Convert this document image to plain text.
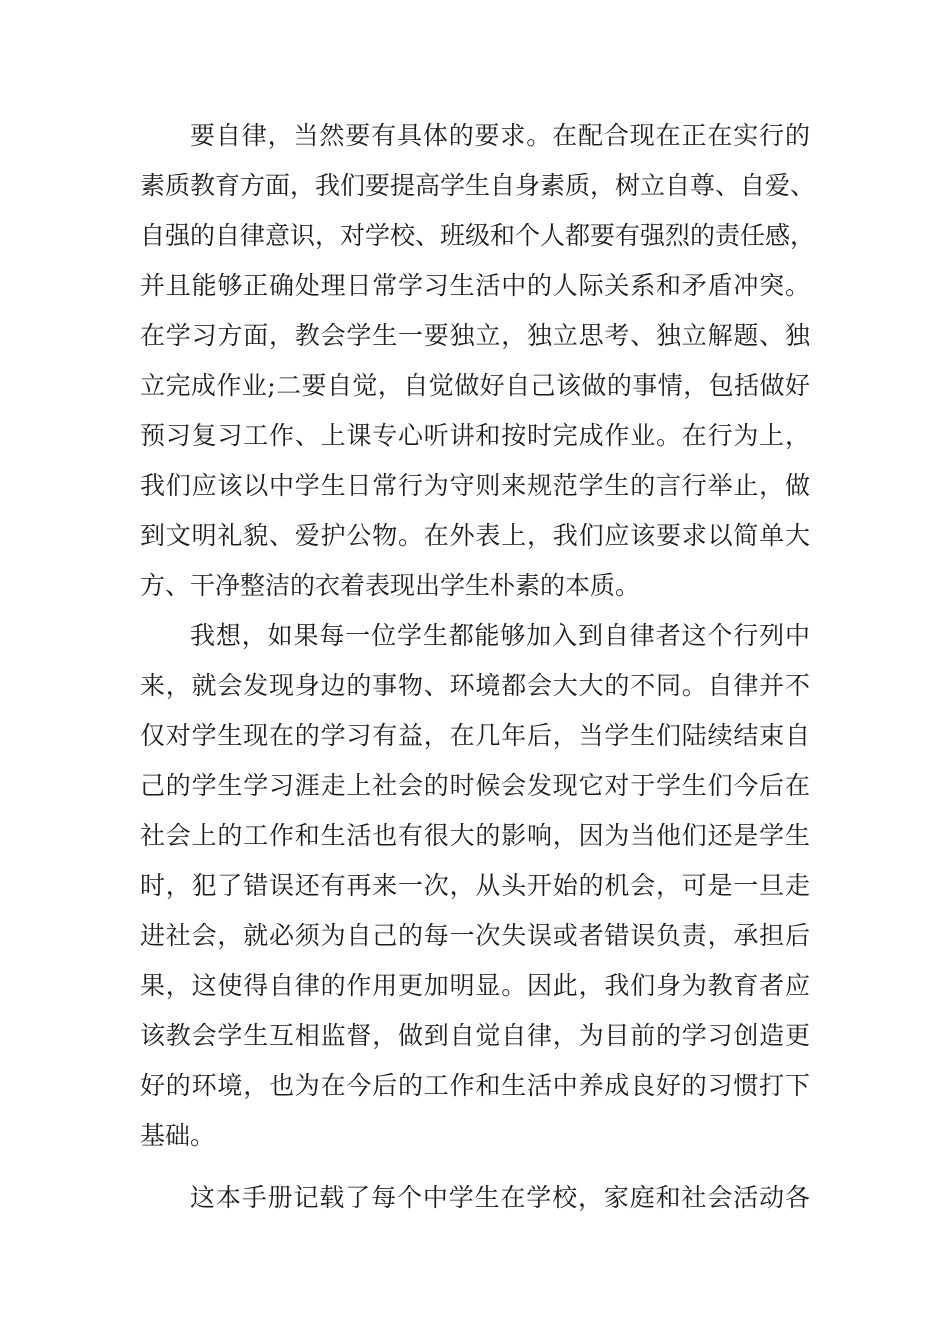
要自律，当然要有具体的要求。在配合现在正在实行的
素质教育方面，我们要提高学生自身素质，树立自尊、自爱、
自强的自律意识，对学校、班级和个人都要有强烈的责任感，
并且能够正确处理日常学习生活中的人际关系和矛盾冲突。
在学习方面，教会学生一要独立，独立思考、独立解题、独
立完成作业;二要自觉，自觉做好自己该做的事情，包括做好
预习复习工作、上课专心听讲和按时完成作业。在行为上，
我们应该以中学生日常行为守则来规范学生的言行举止，做
到文明礼貌、爱护公物。在外表上，我们应该要求以简单大
方、干净整洁的衣着表现出学生朴素的本质。
我想，如果每一位学生都能够加入到自律者这个行列中
来，就会发现身边的事物、环境都会大大的不同。自律并不
仅对学生现在的学习有益，在几年后，当学生们陆续结束自
己的学生学习涯走上社会的时候会发现它对于学生们今后在
社会上的工作和生活也有很大的影响，因为当他们还是学生
时，犯了错误还有再来一次，从头开始的机会，可是一旦走
进社会，就必须为自己的每一次失误或者错误负责，承担后
果，这使得自律的作用更加明显。因此，我们身为教育者应
该教会学生互相监督，做到自觉自律，为目前的学习创造更
好的环境，也为在今后的工作和生活中养成良好的习惯打下
基础。
这本手册记载了每个中学生在学校，家庭和社会活动各
